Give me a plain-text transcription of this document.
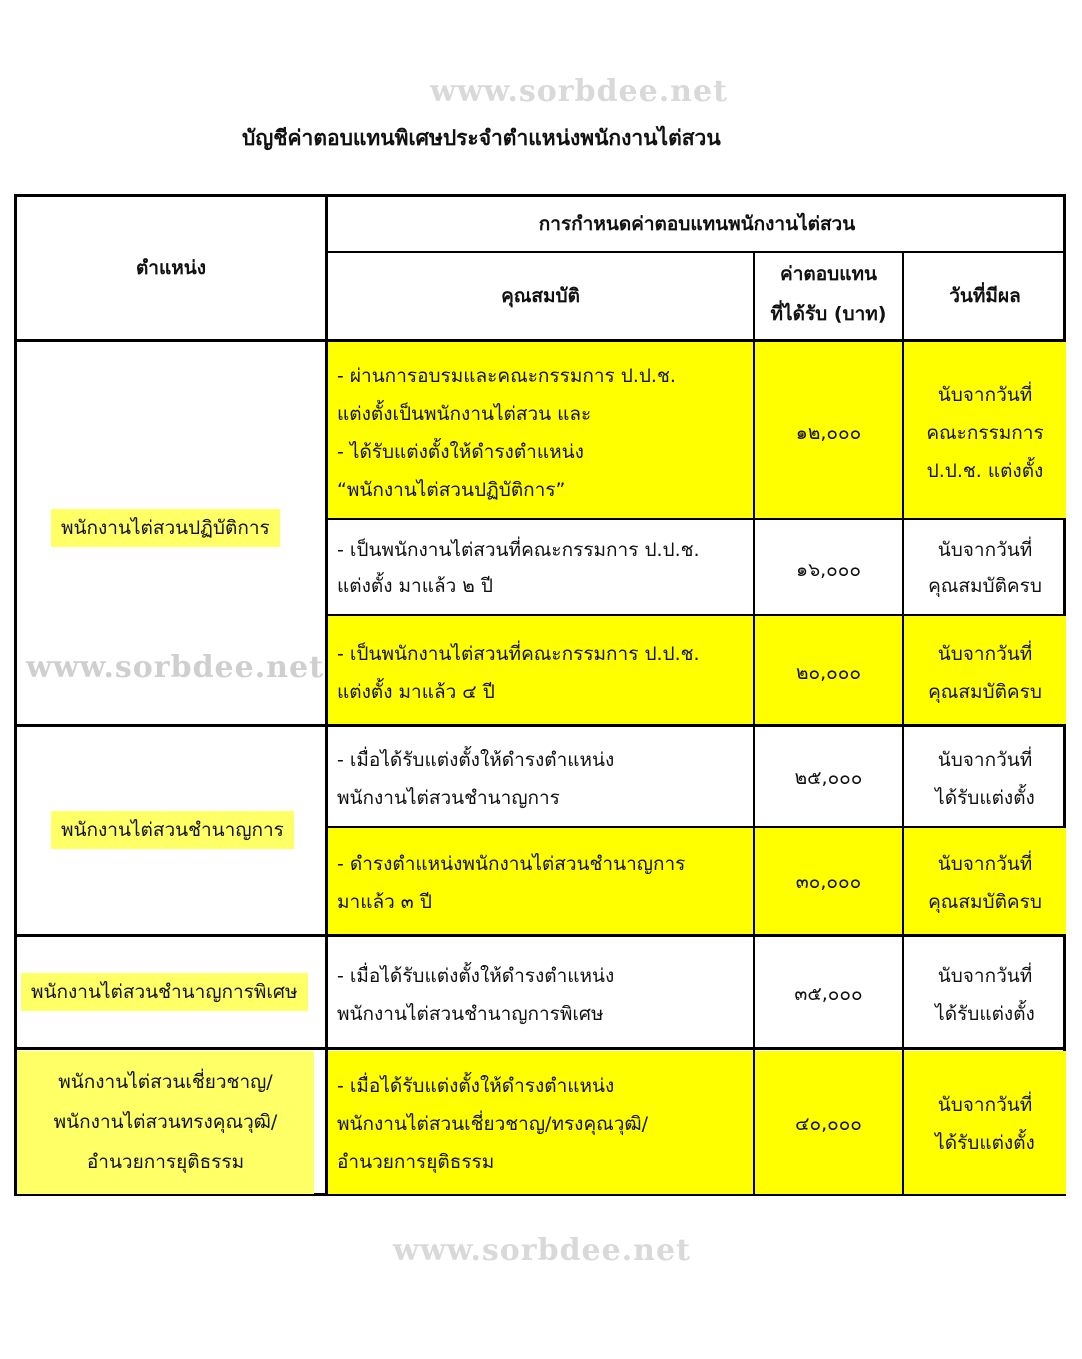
www.sorbdee.net
บัญชีค่าตอบแทนพิเศษประจำตำแหน่งพนักงานไต่สวน
ตำแหน่ง
การกำหนดค่าตอบแทนพนักงานไต่สวน
คุณสมบัติ
ค่าตอบแทน
ที่ได้รับ (บาท)
วันที่มีผล
พนักงานไต่สวนปฏิบัติการ
พนักงานไต่สวนชำนาญการ
พนักงานไต่สวนชำนาญการพิเศษ
พนักงานไต่สวนเชี่ยวชาญ/
พนักงานไต่สวนทรงคุณวุฒิ/
อำนวยการยุติธรรม
- ผ่านการอบรมและคณะกรรมการ ป.ป.ช.
แต่งตั้งเป็นพนักงานไต่สวน และ
- ได้รับแต่งตั้งให้ดำรงตำแหน่ง
“พนักงานไต่สวนปฏิบัติการ”
๑๒,๐๐๐
นับจากวันที่
คณะกรรมการ
ป.ป.ช. แต่งตั้ง
- เป็นพนักงานไต่สวนที่คณะกรรมการ ป.ป.ช.
แต่งตั้ง มาแล้ว ๒ ปี
๑๖,๐๐๐
นับจากวันที่
คุณสมบัติครบ
- เป็นพนักงานไต่สวนที่คณะกรรมการ ป.ป.ช.
แต่งตั้ง มาแล้ว ๔ ปี
๒๐,๐๐๐
นับจากวันที่
คุณสมบัติครบ
- เมื่อได้รับแต่งตั้งให้ดำรงตำแหน่ง
พนักงานไต่สวนชำนาญการ
๒๕,๐๐๐
นับจากวันที่
ได้รับแต่งตั้ง
- ดำรงตำแหน่งพนักงานไต่สวนชำนาญการ
มาแล้ว ๓ ปี
๓๐,๐๐๐
นับจากวันที่
คุณสมบัติครบ
- เมื่อได้รับแต่งตั้งให้ดำรงตำแหน่ง
พนักงานไต่สวนชำนาญการพิเศษ
๓๕,๐๐๐
นับจากวันที่
ได้รับแต่งตั้ง
- เมื่อได้รับแต่งตั้งให้ดำรงตำแหน่ง
พนักงานไต่สวนเชี่ยวชาญ/ทรงคุณวุฒิ/
อำนวยการยุติธรรม
๔๐,๐๐๐
นับจากวันที่
ได้รับแต่งตั้ง
www.sorbdee.net
www.sorbdee.net
